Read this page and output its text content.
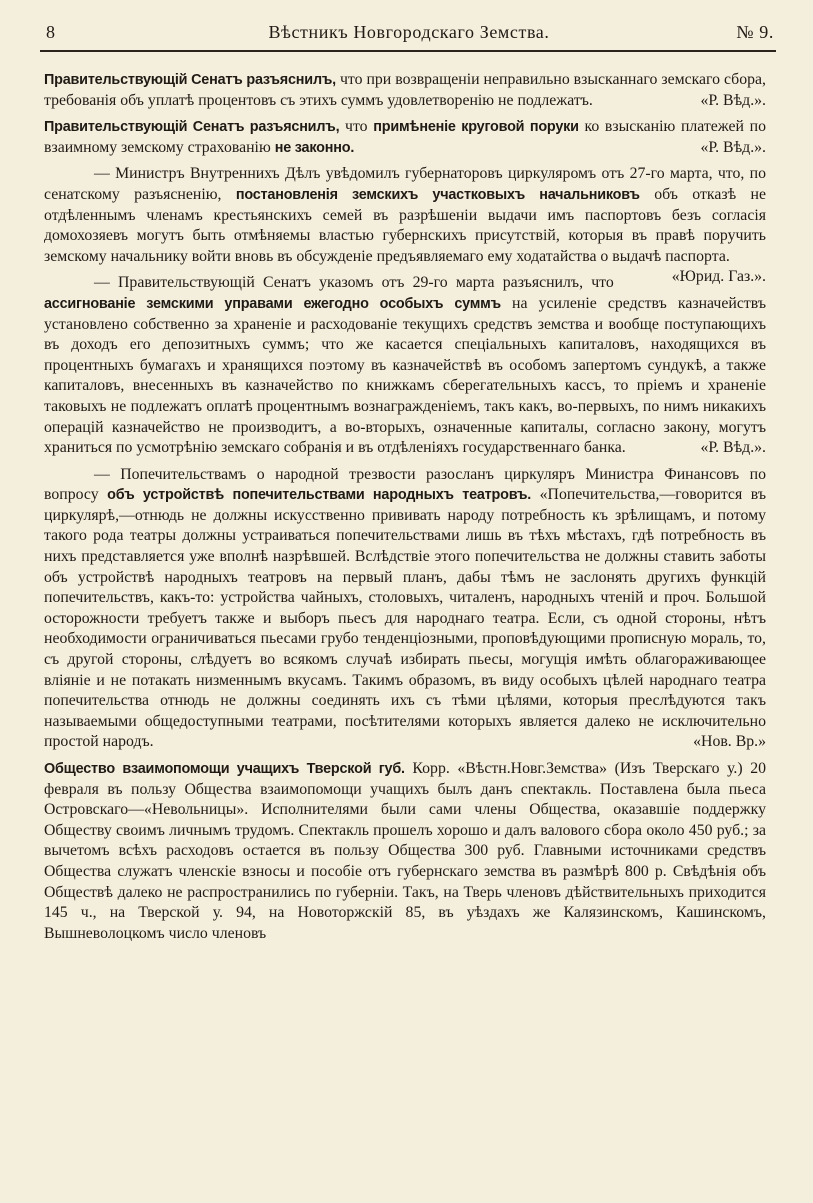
8	Вѣстникъ Новгородскаго Земства.	№ 9.

Правительствующій Сенатъ разъяснилъ, что при возвращеніи неправильно взысканнаго земскаго сбора, требованія объ уплатѣ процентовъ съ этихъ суммъ удовлетворенію не подлежатъ.	«Р. Вѣд.».

Правительствующій Сенатъ разъяснилъ, что примѣненіе круговой поруки ко взысканію платежей по взаимному земскому страхованію не законно.	«Р. Вѣд.».

— Министръ Внутреннихъ Дѣлъ увѣдомилъ губернаторовъ циркуляромъ отъ 27-го марта, что, по сенатскому разъясненію, постановленія земскихъ участковыхъ начальниковъ объ отказѣ не отдѣленнымъ членамъ крестьянскихъ семей въ разрѣшеніи выдачи имъ паспортовъ безъ согласія домохозяевъ могутъ быть отмѣняемы властью губернскихъ присутствій, которыя въ правѣ поручить земскому начальнику войти вновь въ обсужденіе предъявляемаго ему ходатайства о выдачѣ паспорта.
«Юрид. Газ.».

— Правительствующій Сенатъ указомъ отъ 29-го марта разъяснилъ, что ассигнованіе земскими управами ежегодно особыхъ суммъ на усиленіе средствъ казначействъ установлено собственно за храненіе и расходованіе текущихъ средствъ земства и вообще поступающихъ въ доходъ его депозитныхъ суммъ; что же касается спеціальныхъ капиталовъ, находящихся въ процентныхъ бумагахъ и хранящихся поэтому въ казначействѣ въ особомъ запертомъ сундукѣ, а также капиталовъ, внесенныхъ въ казначейство по книжкамъ сберегательныхъ кассъ, то пріемъ и храненіе таковыхъ не подлежатъ оплатѣ процентнымъ вознагражденіемъ, такъ какъ, во-первыхъ, по нимъ никакихъ операцій казначейство не производитъ, а во-вторыхъ, означенные капиталы, согласно закону, могутъ храниться по усмотрѣнію земскаго собранія и въ отдѣленіяхъ государственнаго банка.	«Р. Вѣд.».

— Попечительствамъ о народной трезвости разосланъ циркуляръ Министра Финансовъ по вопросу объ устройствѣ попечительствами народныхъ театровъ. «Попечительства,—говорится въ циркулярѣ,—отнюдь не должны искусственно прививать народу потребность къ зрѣлищамъ, и потому такого рода театры должны устраиваться попечительствами лишь въ тѣхъ мѣстахъ, гдѣ потребность въ нихъ представляется уже вполнѣ назрѣвшей. Вслѣдствіе этого попечительства не должны ставить заботы объ устройствѣ народныхъ театровъ на первый планъ, дабы тѣмъ не заслонять другихъ функцій попечительствъ, какъ-то: устройства чайныхъ, столовыхъ, читаленъ, народныхъ чтеній и проч. Большой осторожности требуетъ также и выборъ пьесъ для народнаго театра. Если, съ одной стороны, нѣтъ необходимости ограничиваться пьесами грубо тенденціозными, проповѣдующими прописную мораль, то, съ другой стороны, слѣдуетъ во всякомъ случаѣ избирать пьесы, могущія имѣть облагораживающее вліяніе и не потакать низменнымъ вкусамъ. Такимъ образомъ, въ виду особыхъ цѣлей народнаго театра попечительства отнюдь не должны соединять ихъ съ тѣми цѣлями, которыя преслѣдуются такъ называемыми общедоступными театрами, посѣтителями которыхъ является далеко не исключительно простой народъ.	«Нов. Вр.»

Общество взаимопомощи учащихъ Тверской губ. Корр. «Вѣстн.Новг.Земства» (Изъ Тверскаго у.) 20 февраля въ пользу Общества взаимопомощи учащихъ былъ данъ спектакль. Поставлена была пьеса Островскаго—«Невольницы». Исполнителями были сами члены Общества, оказавшіе поддержку Обществу своимъ личнымъ трудомъ. Спектакль прошелъ хорошо и далъ валового сбора около 450 руб.; за вычетомъ всѣхъ расходовъ остается въ пользу Общества 300 руб. Главными источниками средствъ Общества служатъ членскіе взносы и пособіе отъ губернскаго земства въ размѣрѣ 800 р. Свѣдѣнія объ Обществѣ далеко не распространились по губерніи. Такъ, на Тверь членовъ дѣйствительныхъ приходится 145 ч., на Тверской у. 94, на Новоторжскій 85, въ уѣздахъ же Калязинскомъ, Кашинскомъ, Вышневолоцкомъ число членовъ
